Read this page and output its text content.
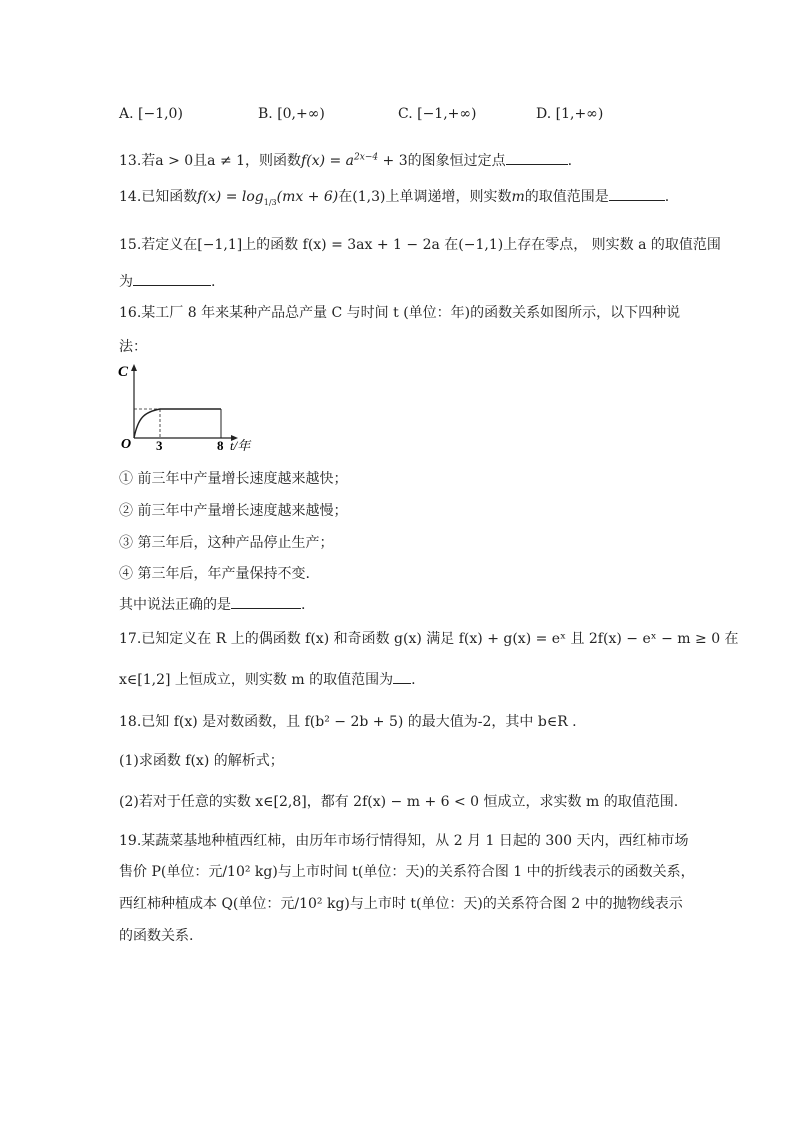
A. [−1,0)	B. [0,+∞)	C. [−1,+∞)	D. [1,+∞)
13.若a > 0且a ≠ 1，则函数$f(x) = a^{2x-4} + 3$的图象恒过定点	.
14.已知函数$f(x) = \log_{1/3}(mx + 6)$在(1,3)上单调递增，则实数m的取值范围是	.
15.若定义在[−1,1]上的函数 f(x) = 3ax + 1 − 2a 在(−1,1)上存在零点， 则实数 a 的取值范围
为	.
16.某工厂 8 年来某种产品总产量 C 与时间 t (单位：年)的函数关系如图所示，以下四种说
法：
C
O 3	8 t/年
① 前三年中产量增长速度越来越快；
② 前三年中产量增长速度越来越慢；
③ 第三年后，这种产品停止生产；
④ 第三年后，年产量保持不变.
其中说法正确的是	.
17.已知定义在 R 上的偶函数 f(x) 和奇函数 g(x) 满足 f(x) + g(x) = eˣ 且 2f(x) − eˣ − m ≥ 0 在
x∈[1,2] 上恒成立，则实数 m 的取值范围为 .
18.已知 f(x) 是对数函数，且 f(b² − 2b + 5) 的最大值为-2，其中 b∈R .
(1)求函数 f(x) 的解析式；
(2)若对于任意的实数 x∈[2,8]，都有 2f(x) − m + 6 < 0 恒成立，求实数 m 的取值范围.
19.某蔬菜基地种植西红柿，由历年市场行情得知，从 2 月 1 日起的 300 天内，西红柿市场
售价 P(单位：元/10² kg)与上市时间 t(单位：天)的关系符合图 1 中的折线表示的函数关系，
西红柿种植成本 Q(单位：元/10² kg)与上市时 t(单位：天)的关系符合图 2 中的抛物线表示
的函数关系.
